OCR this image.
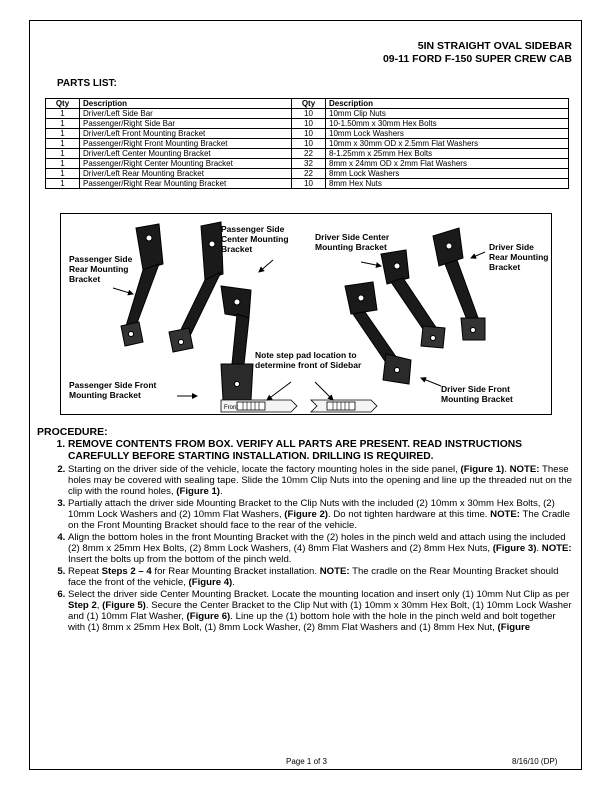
5IN STRAIGHT OVAL SIDEBAR
09-11 FORD F-150 SUPER CREW CAB
PARTS LIST:
Qty	Description	Qty	Description
1	Driver/Left Side Bar	10	10mm Clip Nuts
1	Passenger/Right Side Bar	10	10-1.50mm x 30mm Hex Bolts
1	Driver/Left Front Mounting Bracket	10	10mm Lock Washers
1	Passenger/Right Front Mounting Bracket	10	10mm x 30mm OD x 2.5mm Flat Washers
1	Driver/Left Center Mounting Bracket	22	8-1.25mm x 25mm Hex Bolts
1	Passenger/Right Center Mounting Bracket	32	8mm x 24mm OD x 2mm Flat Washers
1	Driver/Left Rear Mounting Bracket	22	8mm Lock Washers
1	Passenger/Right Rear Mounting Bracket	10	8mm Hex Nuts
Front
Passenger Side Center Mounting Bracket
Passenger Side Rear Mounting Bracket
Driver Side Center Mounting Bracket	Driver Side Rear Mounting Bracket
Note step pad location to determine front of Sidebar
Passenger Side Front Mounting Bracket
Driver Side Front Mounting Bracket
PROCEDURE:
1. REMOVE CONTENTS FROM BOX. VERIFY ALL PARTS ARE PRESENT. READ INSTRUCTIONS CAREFULLY BEFORE STARTING INSTALLATION. DRILLING IS REQUIRED.
2. Starting on the driver side of the vehicle, locate the factory mounting holes in the side panel, (Figure 1). NOTE: These holes may be covered with sealing tape. Slide the 10mm Clip Nuts into the opening and line up the threaded nut on the clip with the round holes, (Figure 1).
3. Partially attach the driver side Mounting Bracket to the Clip Nuts with the included (2) 10mm x 30mm Hex Bolts, (2) 10mm Lock Washers and (2) 10mm Flat Washers, (Figure 2). Do not tighten hardware at this time. NOTE: The Cradle on the Front Mounting Bracket should face to the rear of the vehicle.
4. Align the bottom holes in the front Mounting Bracket with the (2) holes in the pinch weld and attach using the included (2) 8mm x 25mm Hex Bolts, (2) 8mm Lock Washers, (4) 8mm Flat Washers and (2) 8mm Hex Nuts, (Figure 3). NOTE: Insert the bolts up from the bottom of the pinch weld.
5. Repeat Steps 2 – 4 for Rear Mounting Bracket installation. NOTE: The cradle on the Rear Mounting Bracket should face the front of the vehicle, (Figure 4).
6. Select the driver side Center Mounting Bracket. Locate the mounting location and insert only (1) 10mm Nut Clip as per Step 2, (Figure 5). Secure the Center Bracket to the Clip Nut with (1) 10mm x 30mm Hex Bolt, (1) 10mm Lock Washer and (1) 10mm Flat Washer, (Figure 6). Line up the (1) bottom hole with the hole in the pinch weld and bolt together with (1) 8mm x 25mm Hex Bolt, (1) 8mm Lock Washer, (2) 8mm Flat Washers and (1) 8mm Hex Nut, (Figure
Page 1 of 3	8/16/10 (DP)
